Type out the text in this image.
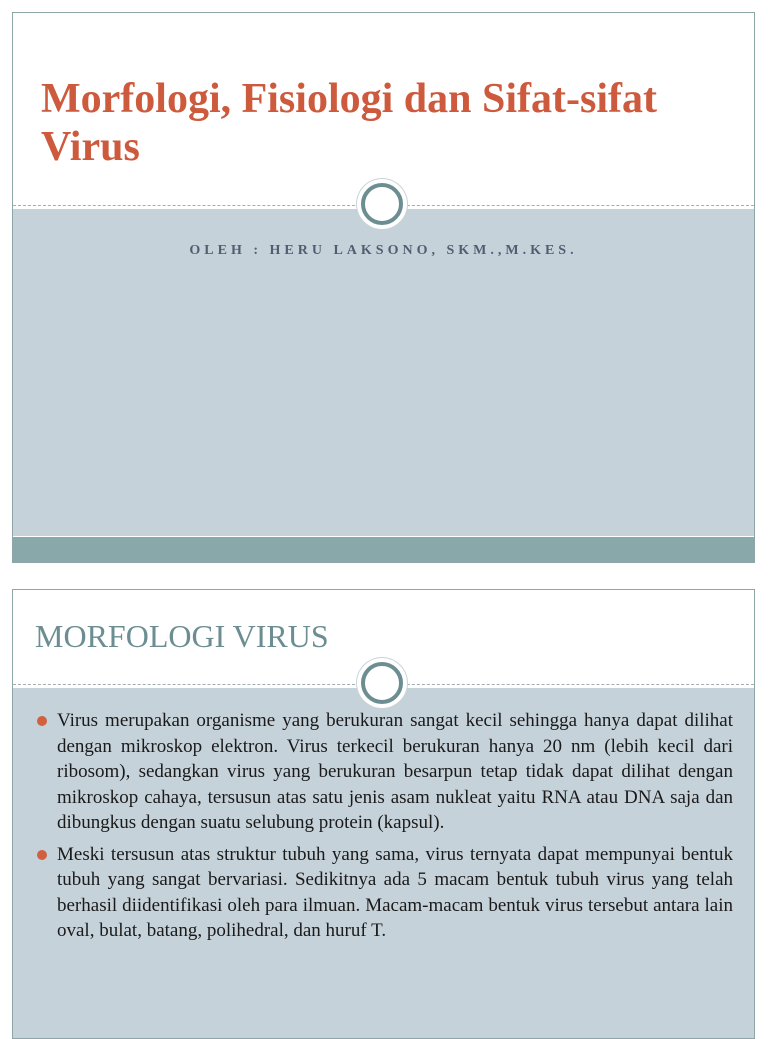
Morfologi, Fisiologi dan Sifat-sifat Virus
OLEH : HERU LAKSONO, SKM.,M.KES.
MORFOLOGI VIRUS
Virus merupakan organisme yang berukuran sangat kecil sehingga hanya dapat dilihat dengan mikroskop elektron. Virus terkecil berukuran hanya 20 nm (lebih kecil dari ribosom), sedangkan virus yang berukuran besarpun tetap tidak dapat dilihat dengan mikroskop cahaya, tersusun atas satu jenis asam nukleat yaitu RNA atau DNA saja dan dibungkus dengan suatu selubung protein (kapsul).
Meski tersusun atas struktur tubuh yang sama, virus ternyata dapat mempunyai bentuk tubuh yang sangat bervariasi. Sedikitnya ada 5 macam bentuk tubuh virus yang telah berhasil diidentifikasi oleh para ilmuan. Macam-macam bentuk virus tersebut antara lain oval, bulat, batang, polihedral, dan huruf T.
